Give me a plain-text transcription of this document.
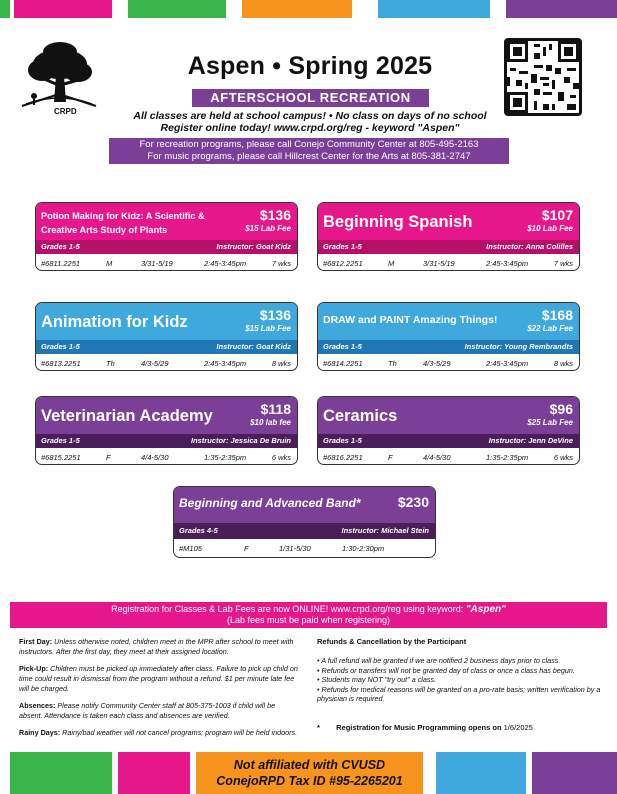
CRPD
Aspen • Spring 2025
AFTERSCHOOL RECREATION
All classes are held at school campus! • No class on days of no school
Register online today! www.crpd.org/reg - keyword "Aspen"
For recreation programs, please call Conejo Community Center at 805-495-2163
For music programs, please call Hillcrest Center for the Arts at 805-381-2747
Potion Making for Kidz: A Scientific & Creative Arts Study of Plants
$136
$15 Lab Fee
Grades 1-5	Instructor: Goat Kidz
#6811.2251	M	3/31-5/19	2:45-3:45pm	7 wks
Beginning Spanish	$107
$10 Lab Fee
Grades 1-5	Instructor: Anna Colilles
#6812.2251	M	3/31-5/19	2:45-3:45pm	7 wks
Animation for Kidz	$136
$15 Lab Fee
Grades 1-5	Instructor: Goat Kidz
#6813.2251	Th	4/3-5/29	2:45-3:45pm	8 wks
DRAW and PAINT Amazing Things!	$168
$22 Lab Fee
Grades 1-5	Instructor: Young Rembrandts
#6814.2251	Th	4/3-5/29	2:45-3:45pm	8 wks
Veterinarian Academy	$118
$10 lab fee
Grades 1-5	Instructor: Jessica De Bruin
#6815.2251	F	4/4-5/30	1:35-2:35pm	6 wks
Ceramics	$96
$25 Lab Fee
Grades 1-5	Instructor: Jenn DeVine
#6816.2251	F	4/4-5/30	1:35-2:35pm	6 wks
Beginning and Advanced Band*	$230
Grades 4-5	Instructor: Michael Stein
#M105	F	1/31-5/30	1:30-2:30pm
Registration for Classes & Lab Fees are now ONLINE! www.crpd.org/reg using keyword: "Aspen"
(Lab fees must be paid when registering)
First Day: Unless otherwise noted, children meet in the MPR after school to meet with instructors. After the first day, they meet at their assigned location.
Pick-Up: Children must be picked up immediately after class. Failure to pick up child on time could result in dismissal from the program without a refund. $1 per minute late fee will be charged.
Absences: Please notify Community Center staff at 805-375-1003 if child will be absent. Attendance is taken each class and absences are verified.
Rainy Days: Rainy/bad weather will not cancel programs; program will be held indoors.
Refunds & Cancellation by the Participant
• A full refund will be granted if we are notified 2 business days prior to class.
• Refunds or transfers will not be granted day of class or once a class has begun.
• Students may NOT "try out" a class.
• Refunds for medical reasons will be granted on a pro-rate basis; written verification by a physician is required.
* Registration for Music Programming opens on 1/6/2025
Not affiliated with CVUSD
ConejoRPD Tax ID #95-2265201
